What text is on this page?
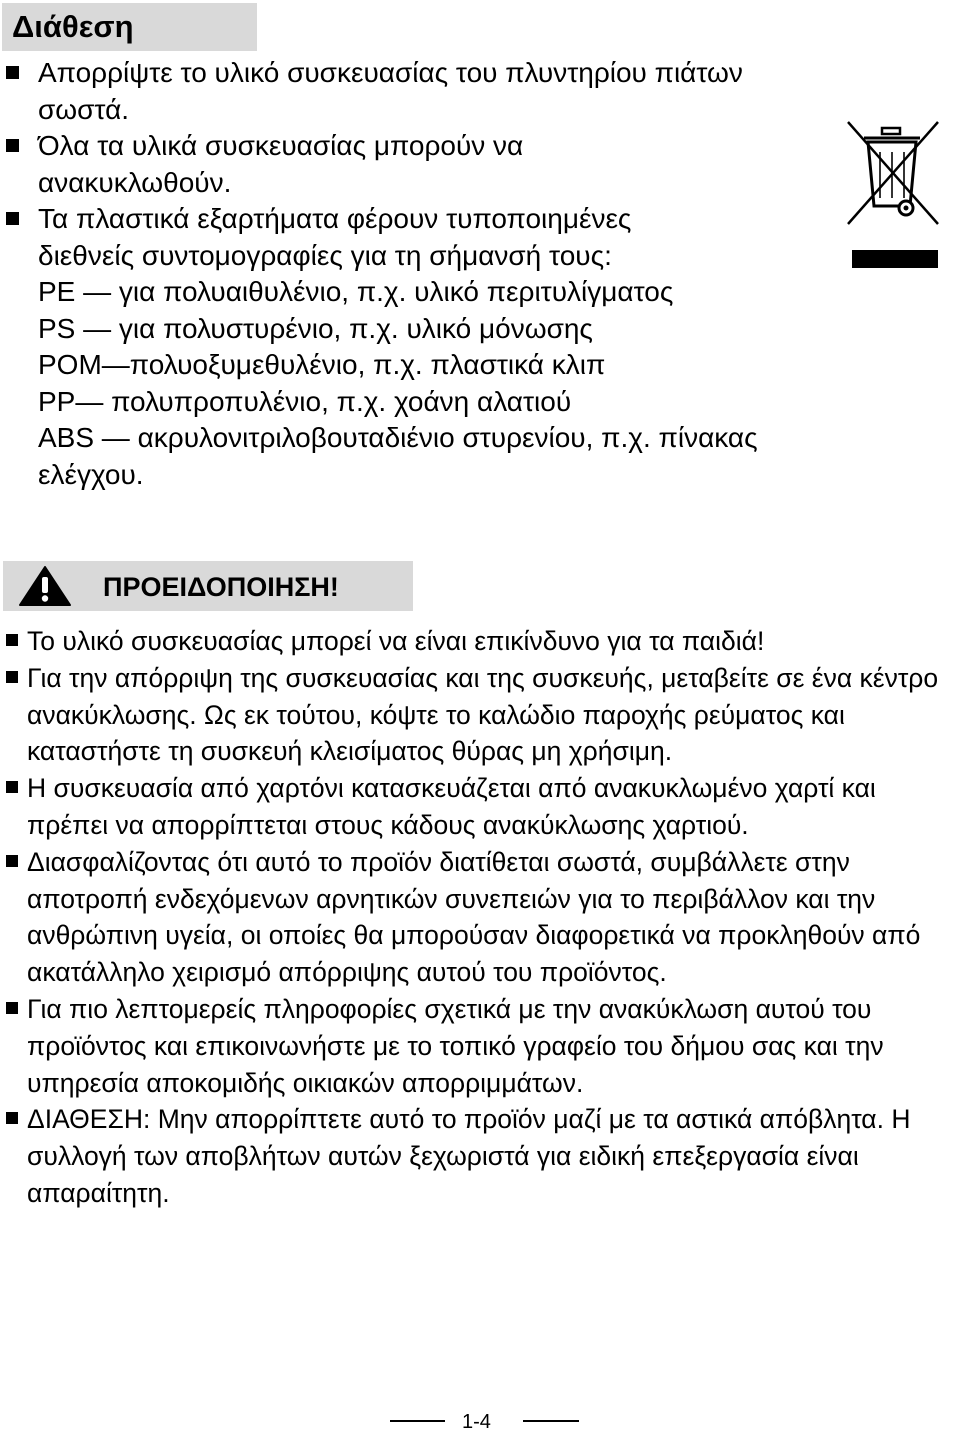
Διάθεση
Απορρίψτε το υλικό συσκευασίας του πλυντηρίου πιάτων
σωστά.
Όλα τα υλικά συσκευασίας μπορούν να
ανακυκλωθούν.
Τα πλαστικά εξαρτήματα φέρουν τυποποιημένες
διεθνείς συντομογραφίες για τη σήμανσή τους:
PE — για πολυαιθυλένιο, π.χ. υλικό περιτυλίγματος
PS — για πολυστυρένιο, π.χ. υλικό μόνωσης
POM—πολυοξυμεθυλένιο, π.χ. πλαστικά κλιπ
PP— πολυπροπυλένιο, π.χ. χοάνη αλατιού
ABS — ακρυλονιτριλοβουταδιένιο στυρενίου, π.χ. πίνακας
ελέγχου.
ΠΡΟΕΙΔΟΠΟΙΗΣΗ!
Το υλικό συσκευασίας μπορεί να είναι επικίνδυνο για τα παιδιά!
Για την απόρριψη της συσκευασίας και της συσκευής, μεταβείτε σε ένα κέντρο ανακύκλωσης. Ως εκ τούτου, κόψτε το καλώδιο παροχής ρεύματος και καταστήστε τη συσκευή κλεισίματος θύρας μη χρήσιμη.
Η συσκευασία από χαρτόνι κατασκευάζεται από ανακυκλωμένο χαρτί και πρέπει να απορρίπτεται στους κάδους ανακύκλωσης χαρτιού.
Διασφαλίζοντας ότι αυτό το προϊόν διατίθεται σωστά, συμβάλλετε στην αποτροπή ενδεχόμενων αρνητικών συνεπειών για το περιβάλλον και την ανθρώπινη υγεία, οι οποίες θα μπορούσαν διαφορετικά να προκληθούν από ακατάλληλο χειρισμό απόρριψης αυτού του προϊόντος.
Για πιο λεπτομερείς πληροφορίες σχετικά με την ανακύκλωση αυτού του προϊόντος και επικοινωνήστε με το τοπικό γραφείο του δήμου σας και την υπηρεσία αποκομιδής οικιακών απορριμμάτων.
ΔΙΑΘΕΣΗ: Μην απορρίπτετε αυτό το προϊόν μαζί με τα αστικά απόβλητα. Η συλλογή των αποβλήτων αυτών ξεχωριστά για ειδική επεξεργασία είναι απαραίτητη.
1-4
